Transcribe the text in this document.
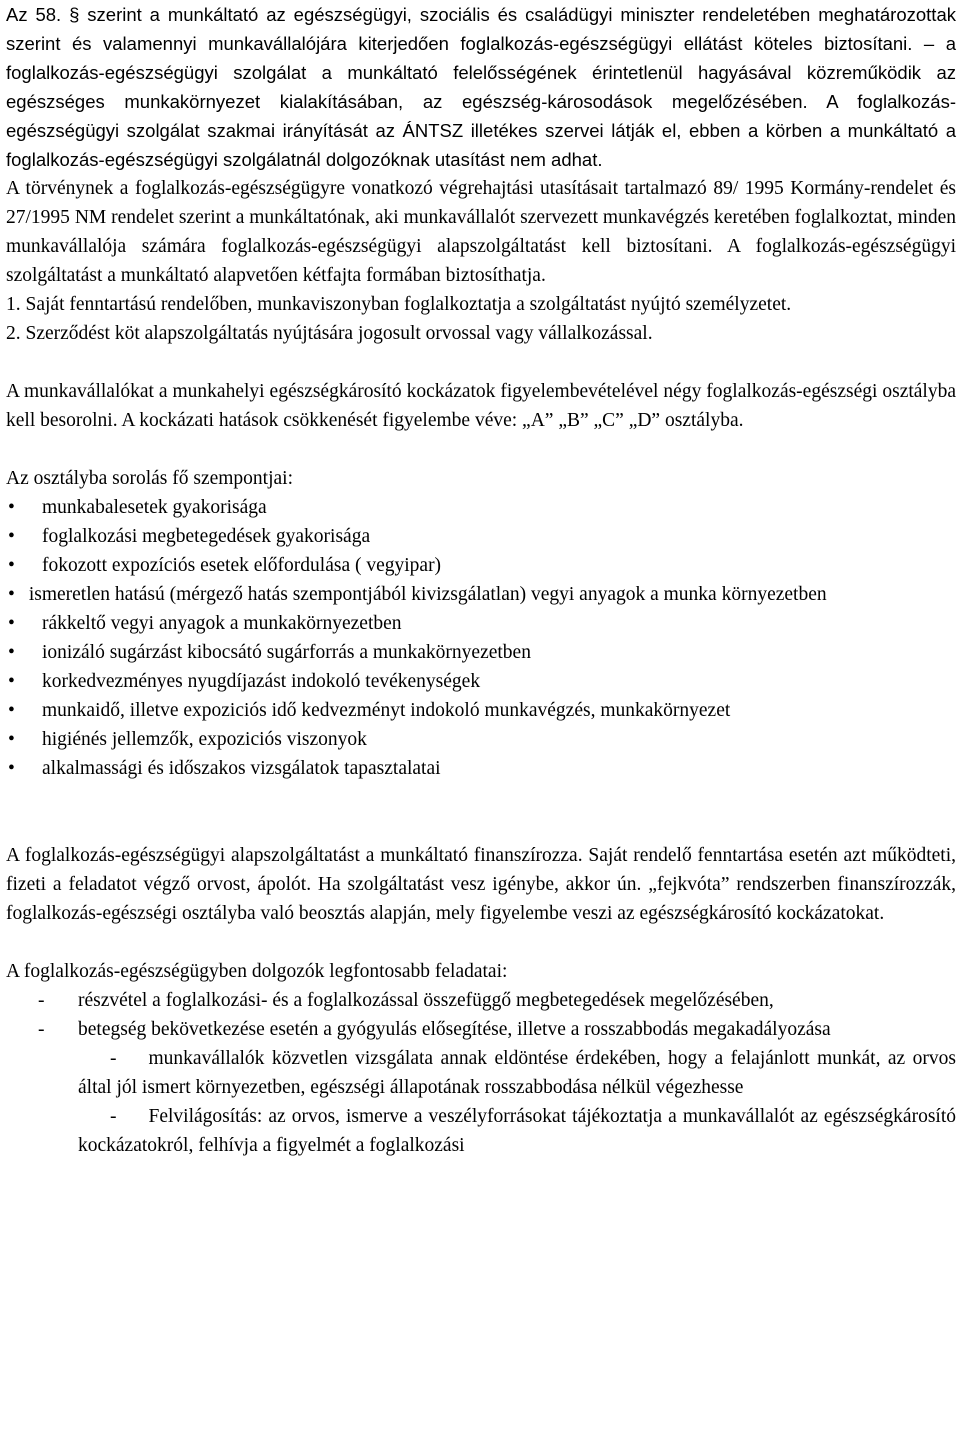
Az 58. § szerint a munkáltató az egészségügyi, szociális és családügyi miniszter rendeletében meghatározottak szerint és valamennyi munkavállalójára kiterjedően foglalkozás-egészségügyi ellátást köteles biztosítani. – a foglalkozás-egészségügyi szolgálat a munkáltató felelősségének érintetlenül hagyásával közreműködik az egészséges munkakörnyezet kialakításában, az egészség-károsodások megelőzésében. A foglalkozás-egészségügyi szolgálat szakmai irányítását az ÁNTSZ illetékes szervei látják el, ebben a körben a munkáltató a foglalkozás-egészségügyi szolgálatnál dolgozóknak utasítást nem adhat.

A törvénynek a foglalkozás-egészségügyre vonatkozó végrehajtási utasításait tartalmazó 89/ 1995 Kormány-rendelet és 27/1995 NM rendelet szerint a munkáltatónak, aki munkavállalót szervezett munkavégzés keretében foglalkoztat, minden munkavállalója számára foglalkozás-egészségügyi alapszolgáltatást kell biztosítani. A foglalkozás-egészségügyi szolgáltatást a munkáltató alapvetően kétfajta formában biztosíthatja.

1. Saját fenntartású rendelőben, munkaviszonyban foglalkoztatja a szolgáltatást nyújtó személyzetet.

2. Szerződést köt alapszolgáltatás nyújtására jogosult orvossal vagy vállalkozással.

A munkavállalókat a munkahelyi egészségkárosító kockázatok figyelembevételével négy foglalkozás-egészségi osztályba kell besorolni. A kockázati hatások csökkenését figyelembe véve: „A” „B” „C” „D” osztályba.

Az osztályba sorolás fő szempontjai:

• munkabalesetek gyakorisága
• foglalkozási megbetegedések gyakorisága
• fokozott expozíciós esetek előfordulása ( vegyipar)
• ismeretlen hatású (mérgező hatás szempontjából kivizsgálatlan) vegyi anyagok a munka környezetben
• rákkeltő vegyi anyagok a munkakörnyezetben
• ionizáló sugárzást kibocsátó sugárforrás a munkakörnyezetben
• korkedvezményes nyugdíjazást indokoló tevékenységek
• munkaidő, illetve expoziciós idő kedvezményt indokoló munkavégzés, munkakörnyezet
• higiénés jellemzők, expoziciós viszonyok
• alkalmassági és időszakos vizsgálatok tapasztalatai

A foglalkozás-egészségügyi alapszolgáltatást a munkáltató finanszírozza. Saját rendelő fenntartása esetén azt működteti, fizeti a feladatot végző orvost, ápolót. Ha szolgáltatást vesz igénybe, akkor ún. „fejkvóta” rendszerben finanszírozzák, foglalkozás-egészségi osztályba való beosztás alapján, mely figyelembe veszi az egészségkárosító kockázatokat.

A foglalkozás-egészségügyben dolgozók legfontosabb feladatai:

- részvétel a foglalkozási- és a foglalkozással összefüggő megbetegedések megelőzésében,
- betegség bekövetkezése esetén a gyógyulás elősegítése, illetve a rosszabbodás megakadályozása
- munkavállalók közvetlen vizsgálata annak eldöntése érdekében, hogy a felajánlott munkát, az orvos által jól ismert környezetben, egészségi állapotának rosszabbodása nélkül végezhesse
- Felvilágosítás: az orvos, ismerve a veszélyforrásokat tájékoztatja a munkavállalót az egészségkárosító kockázatokról, felhívja a figyelmét a foglalkozási
